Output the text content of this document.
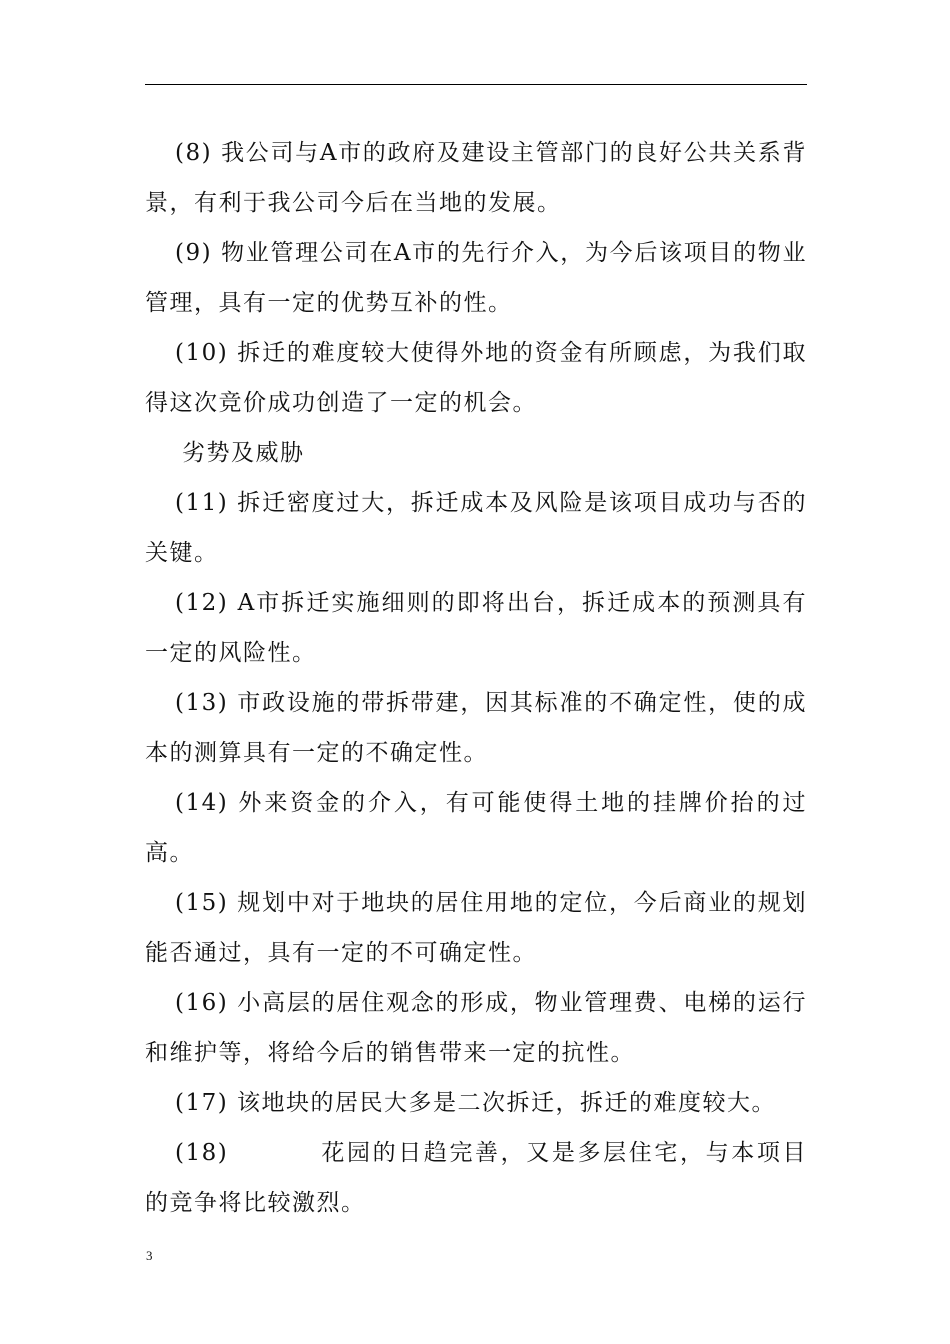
(8) 我公司与A市的政府及建设主管部门的良好公共关系背景，有利于我公司今后在当地的发展。

(9) 物业管理公司在A市的先行介入，为今后该项目的物业管理，具有一定的优势互补的性。

(10) 拆迁的难度较大使得外地的资金有所顾虑，为我们取得这次竞价成功创造了一定的机会。

劣势及威胁

(11) 拆迁密度过大，拆迁成本及风险是该项目成功与否的关键。

(12) A市拆迁实施细则的即将出台，拆迁成本的预测具有一定的风险性。

(13) 市政设施的带拆带建，因其标准的不确定性，使的成本的测算具有一定的不确定性。

(14) 外来资金的介入，有可能使得土地的挂牌价抬的过高。

(15) 规划中对于地块的居住用地的定位，今后商业的规划能否通过，具有一定的不可确定性。

(16) 小高层的居住观念的形成，物业管理费、电梯的运行和维护等，将给今后的销售带来一定的抗性。

(17) 该地块的居民大多是二次拆迁，拆迁的难度较大。

(18)	花园的日趋完善，又是多层住宅，与本项目的竞争将比较激烈。

3
